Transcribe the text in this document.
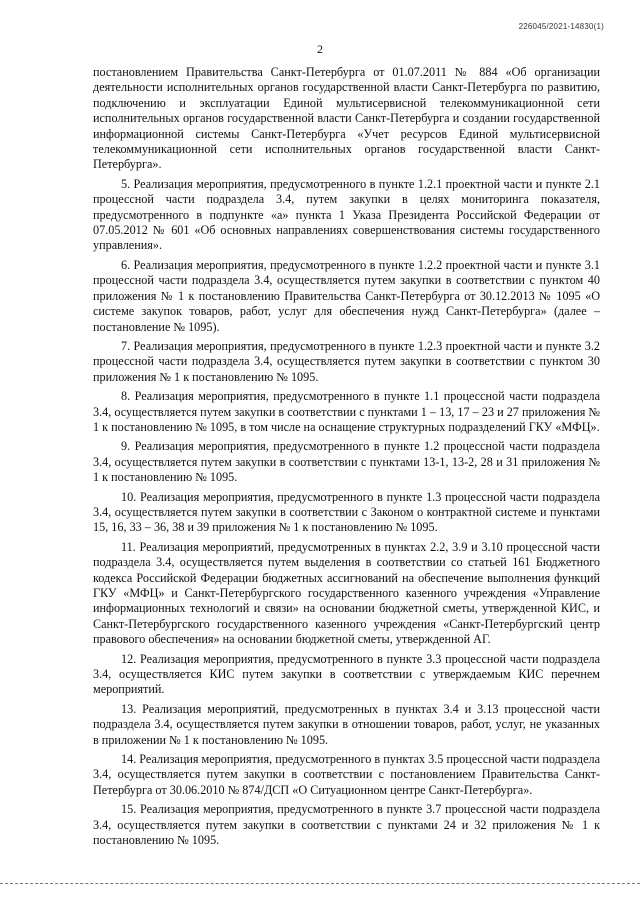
226045/2021-14830(1)
2

постановлением Правительства Санкт-Петербурга от 01.07.2011 № 884 «Об организации деятельности исполнительных органов государственной власти Санкт-Петербурга по развитию, подключению и эксплуатации Единой мультисервисной телекоммуникационной сети исполнительных органов государственной власти Санкт-Петербурга и создании государственной информационной системы Санкт-Петербурга «Учет ресурсов Единой мультисервисной телекоммуникационной сети исполнительных органов государственной власти Санкт-Петербурга».

5. Реализация мероприятия, предусмотренного в пункте 1.2.1 проектной части и пункте 2.1 процессной части подраздела 3.4, путем закупки в целях мониторинга показателя, предусмотренного в подпункте «а» пункта 1 Указа Президента Российской Федерации от 07.05.2012 № 601 «Об основных направлениях совершенствования системы государственного управления».

6. Реализация мероприятия, предусмотренного в пункте 1.2.2 проектной части и пункте 3.1 процессной части подраздела 3.4, осуществляется путем закупки в соответствии с пунктом 40 приложения № 1 к постановлению Правительства Санкт-Петербурга от 30.12.2013 № 1095 «О системе закупок товаров, работ, услуг для обеспечения нужд Санкт-Петербурга» (далее – постановление № 1095).

7. Реализация мероприятия, предусмотренного в пункте 1.2.3 проектной части и пункте 3.2 процессной части подраздела 3.4, осуществляется путем закупки в соответствии с пунктом 30 приложения № 1 к постановлению № 1095.

8. Реализация мероприятия, предусмотренного в пункте 1.1 процессной части подраздела 3.4, осуществляется путем закупки в соответствии с пунктами 1 – 13, 17 – 23 и 27 приложения № 1 к постановлению № 1095, в том числе на оснащение структурных подразделений ГКУ «МФЦ».

9. Реализация мероприятия, предусмотренного в пункте 1.2 процессной части подраздела 3.4, осуществляется путем закупки в соответствии с пунктами 13-1, 13-2, 28 и 31 приложения № 1 к постановлению № 1095.

10. Реализация мероприятия, предусмотренного в пункте 1.3 процессной части подраздела 3.4, осуществляется путем закупки в соответствии с Законом о контрактной системе и пунктами 15, 16, 33 – 36, 38 и 39 приложения № 1 к постановлению № 1095.

11. Реализация мероприятий, предусмотренных в пунктах 2.2, 3.9 и 3.10 процессной части подраздела 3.4, осуществляется путем выделения в соответствии со статьей 161 Бюджетного кодекса Российской Федерации бюджетных ассигнований на обеспечение выполнения функций ГКУ «МФЦ» и Санкт-Петербургского государственного казенного учреждения «Управление информационных технологий и связи» на основании бюджетной сметы, утвержденной КИС, и Санкт-Петербургского государственного казенного учреждения «Санкт-Петербургский центр правового обеспечения» на основании бюджетной сметы, утвержденной АГ.

12. Реализация мероприятия, предусмотренного в пункте 3.3 процессной части подраздела 3.4, осуществляется КИС путем закупки в соответствии с утверждаемым КИС перечнем мероприятий.

13. Реализация мероприятий, предусмотренных в пунктах 3.4 и 3.13 процессной части подраздела 3.4, осуществляется путем закупки в отношении товаров, работ, услуг, не указанных в приложении № 1 к постановлению № 1095.

14. Реализация мероприятия, предусмотренного в пунктах 3.5 процессной части подраздела 3.4, осуществляется путем закупки в соответствии с постановлением Правительства Санкт-Петербурга от 30.06.2010 № 874/ДСП «О Ситуационном центре Санкт-Петербурга».

15. Реализация мероприятия, предусмотренного в пункте 3.7 процессной части подраздела 3.4, осуществляется путем закупки в соответствии с пунктами 24 и 32 приложения № 1 к постановлению № 1095.
